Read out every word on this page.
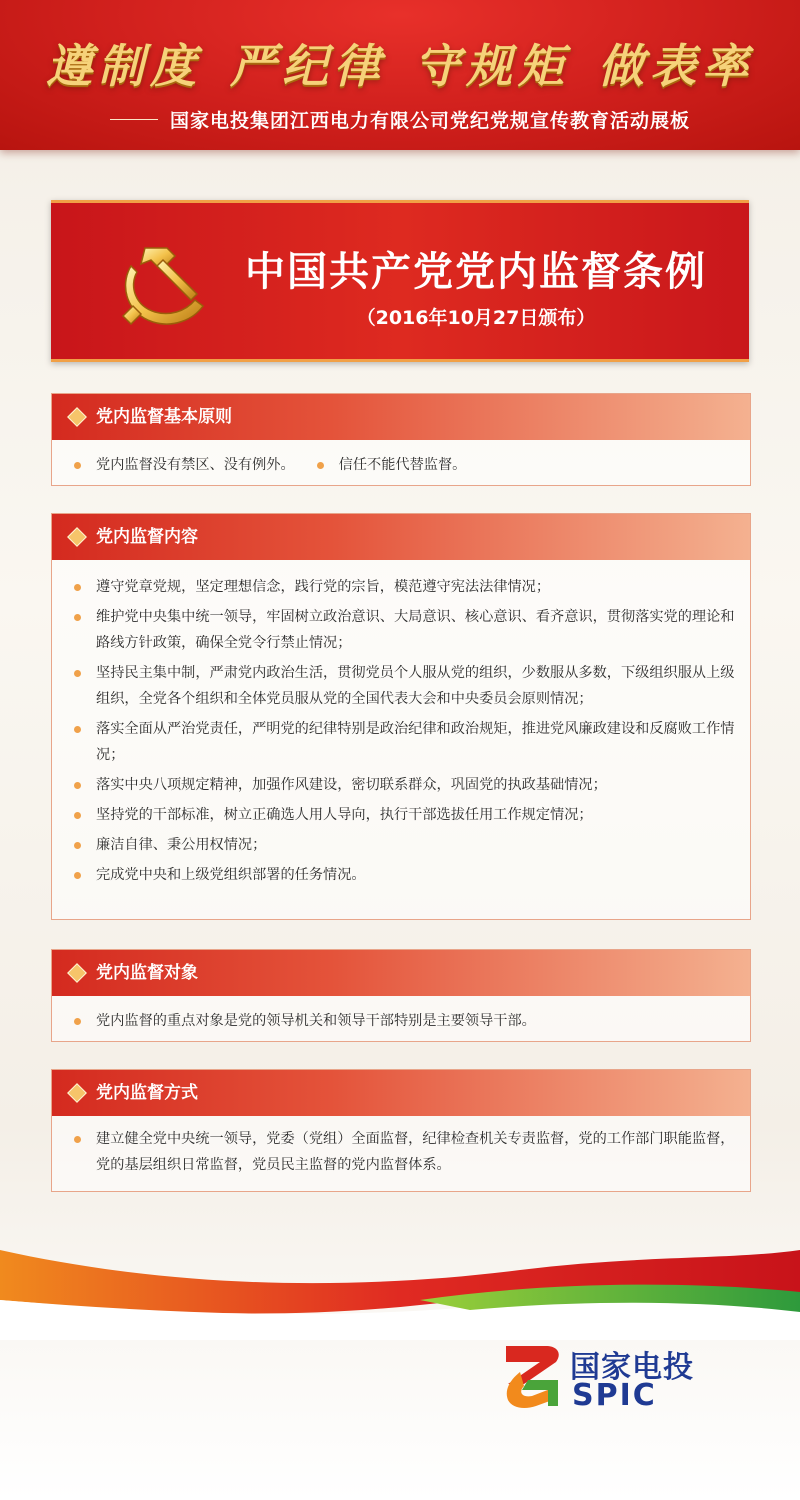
遵制度 严纪律 守规矩 做表率
国家电投集团江西电力有限公司党纪党规宣传教育活动展板
中国共产党党内监督条例
（2016年10月27日颁布）
党内监督基本原则
党内监督没有禁区、没有例外。	信任不能代替监督。
党内监督内容
遵守党章党规，坚定理想信念，践行党的宗旨，模范遵守宪法法律情况；
维护党中央集中统一领导，牢固树立政治意识、大局意识、核心意识、看齐意识，贯彻落实党的理论和路线方针政策，确保全党令行禁止情况；
坚持民主集中制，严肃党内政治生活，贯彻党员个人服从党的组织，少数服从多数，下级组织服从上级组织，全党各个组织和全体党员服从党的全国代表大会和中央委员会原则情况；
落实全面从严治党责任，严明党的纪律特别是政治纪律和政治规矩，推进党风廉政建设和反腐败工作情况；
落实中央八项规定精神，加强作风建设，密切联系群众，巩固党的执政基础情况；
坚持党的干部标准，树立正确选人用人导向，执行干部选拔任用工作规定情况；
廉洁自律、秉公用权情况；
完成党中央和上级党组织部署的任务情况。
党内监督对象
党内监督的重点对象是党的领导机关和领导干部特别是主要领导干部。
党内监督方式
建立健全党中央统一领导，党委（党组）全面监督，纪律检查机关专责监督，党的工作部门职能监督，党的基层组织日常监督，党员民主监督的党内监督体系。
国家电投
SPIC
